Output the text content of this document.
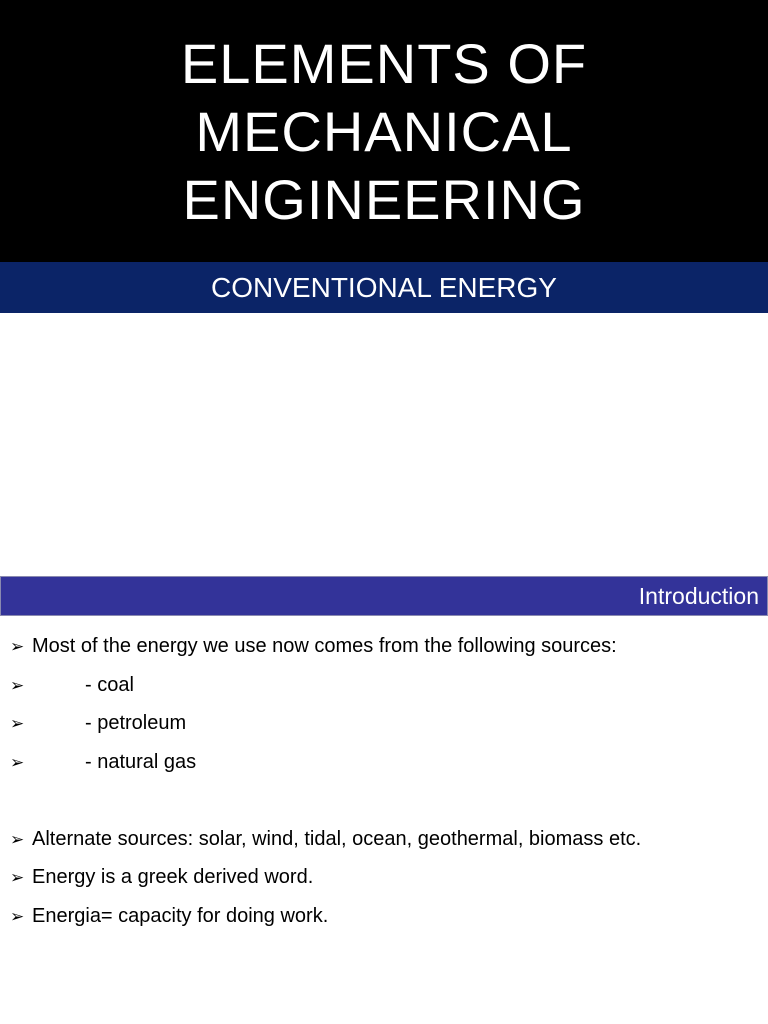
ELEMENTS OF
MECHANICAL
ENGINEERING
CONVENTIONAL ENERGY
Introduction
➢ Most of the energy we use now comes from the following sources:
➢	- coal
➢	- petroleum
➢	- natural gas
➢ Alternate sources: solar, wind, tidal, ocean, geothermal, biomass etc.
➢ Energy is a greek derived word.
➢ Energia= capacity for doing work.
